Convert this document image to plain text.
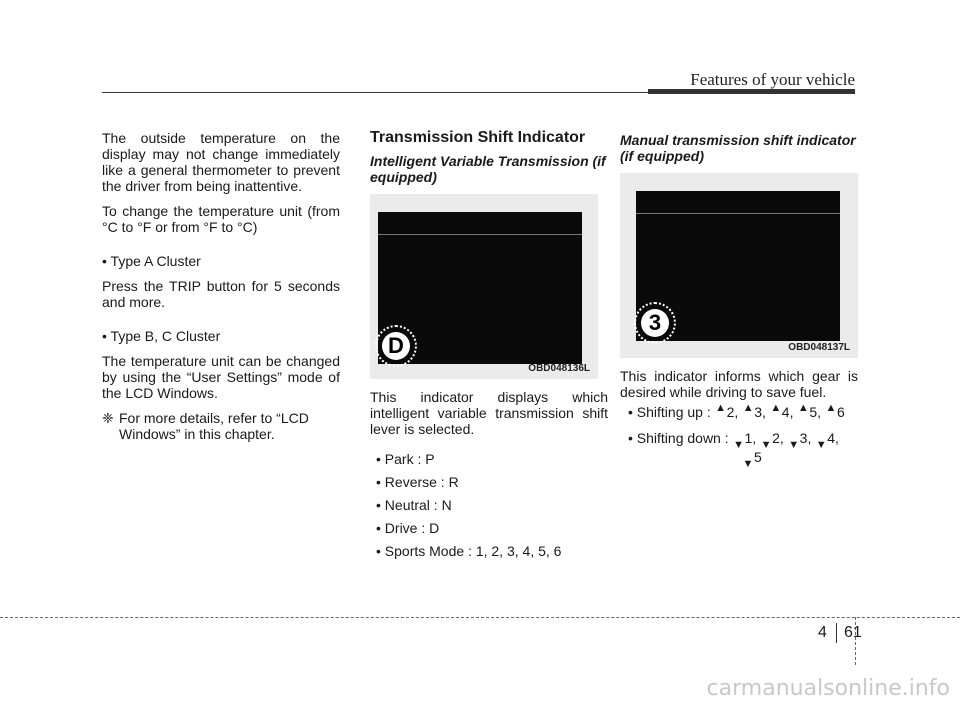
Features of your vehicle

The outside temperature on the display may not change immediately like a general thermometer to prevent the driver from being inattentive.

To change the temperature unit (from °C to °F or from °F to °C)

• Type A Cluster

Press the TRIP button for 5 seconds and more.

• Type B, C Cluster

The temperature unit can be changed by using the “User Settings” mode of the LCD Windows.

❈ For more details, refer to “LCD Windows” in this chapter.
Transmission Shift Indicator
Intelligent Variable Transmission (if equipped)
D
OBD048136L

This indicator displays which intelligent variable transmission shift lever is selected.

• Park : P

• Reverse : R

• Neutral : N

• Drive : D

• Sports Mode : 1, 2, 3, 4, 5, 6

Manual transmission shift indicator (if equipped)
3
OBD048137L

This indicator informs which gear is desired while driving to save fuel.

• Shifting up : ▲2, ▲3, ▲4, ▲5, ▲6
• Shifting down : ▼1, ▼2, ▼3, ▼4,
▼5
4 61
carmanualsonline.info
